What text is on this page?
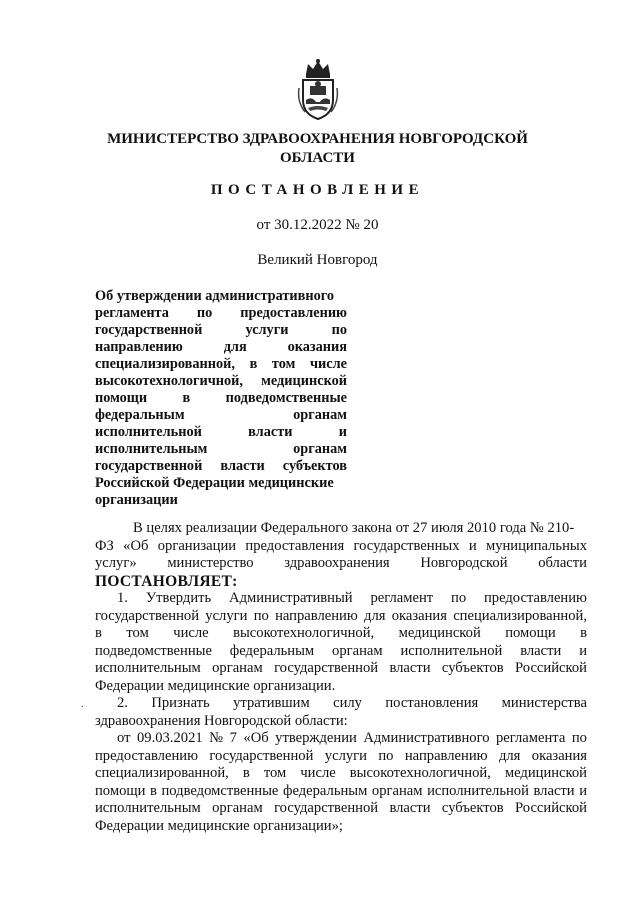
МИНИСТЕРСТВО ЗДРАВООХРАНЕНИЯ НОВГОРОДСКОЙ
ОБЛАСТИ
ПОСТАНОВЛЕНИЕ
от 30.12.2022 № 20
Великий Новгород
Об утверждении административного
регламента по предоставлению
государственной	услуги	по
направлению	для	оказания
специализированной, в том числе
высокотехнологичной, медицинской
помощи в подведомственные
федеральным	органам
исполнительной	власти	и
исполнительным	органам
государственной власти субъектов
Российской Федерации медицинские
организации
.
В целях реализации Федерального закона от 27 июля 2010 года № 210-
ФЗ «Об организации предоставления государственных и муниципальных
услуг» министерство здравоохранения Новгородской области
ПОСТАНОВЛЯЕТ:
1. Утвердить Административный регламент по предоставлению
государственной услуги по направлению для оказания специализированной,
в том числе высокотехнологичной, медицинской помощи в
подведомственные федеральным органам исполнительной власти и
исполнительным органам государственной власти субъектов Российской
Федерации медицинские организации.
2. Признать утратившим силу постановления министерства
здравоохранения Новгородской области:
от 09.03.2021 № 7 «Об утверждении Административного регламента по
предоставлению государственной услуги по направлению для оказания
специализированной, в том числе высокотехнологичной, медицинской
помощи в подведомственные федеральным органам исполнительной власти и
исполнительным органам государственной власти субъектов Российской
Федерации медицинские организации»;
